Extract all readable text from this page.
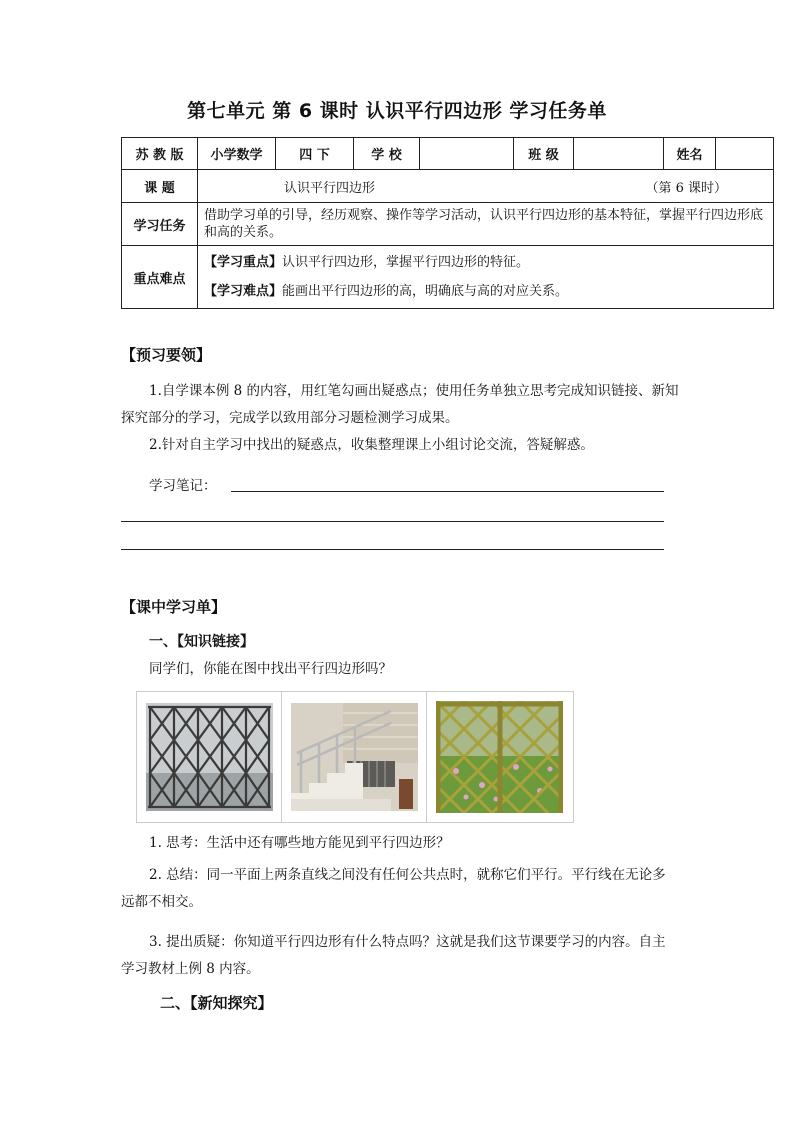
第七单元 第 6 课时 认识平行四边形 学习任务单
苏 教 版	小学数学	四 下	学 校		班 级		姓名	
课 题	认识平行四边形 （第 6 课时）							

学习任务	借助学习单的引导，经历观察、操作等学习活动，认识平行四边形的基本特征，掌握平行四边形底和高的关系。							
重点难点	【学习重点】认识平行四边形，掌握平行四边形的特征。
【学习难点】能画出平行四边形的高，明确底与高的对应关系。							
【预习要领】
1.自学课本例 8 的内容，用红笔勾画出疑惑点；使用任务单独立思考完成知识链接、新知探究部分的学习，完成学以致用部分习题检测学习成果。
2.针对自主学习中找出的疑惑点，收集整理课上小组讨论交流，答疑解惑。
学习笔记：
【课中学习单】
一、【知识链接】
同学们，你能在图中找出平行四边形吗？
1. 思考：生活中还有哪些地方能见到平行四边形？
2. 总结：同一平面上两条直线之间没有任何公共点时，就称它们平行。平行线在无论多远都不相交。
3. 提出质疑：你知道平行四边形有什么特点吗？这就是我们这节课要学习的内容。自主学习教材上例 8 内容。
二、【新知探究】
